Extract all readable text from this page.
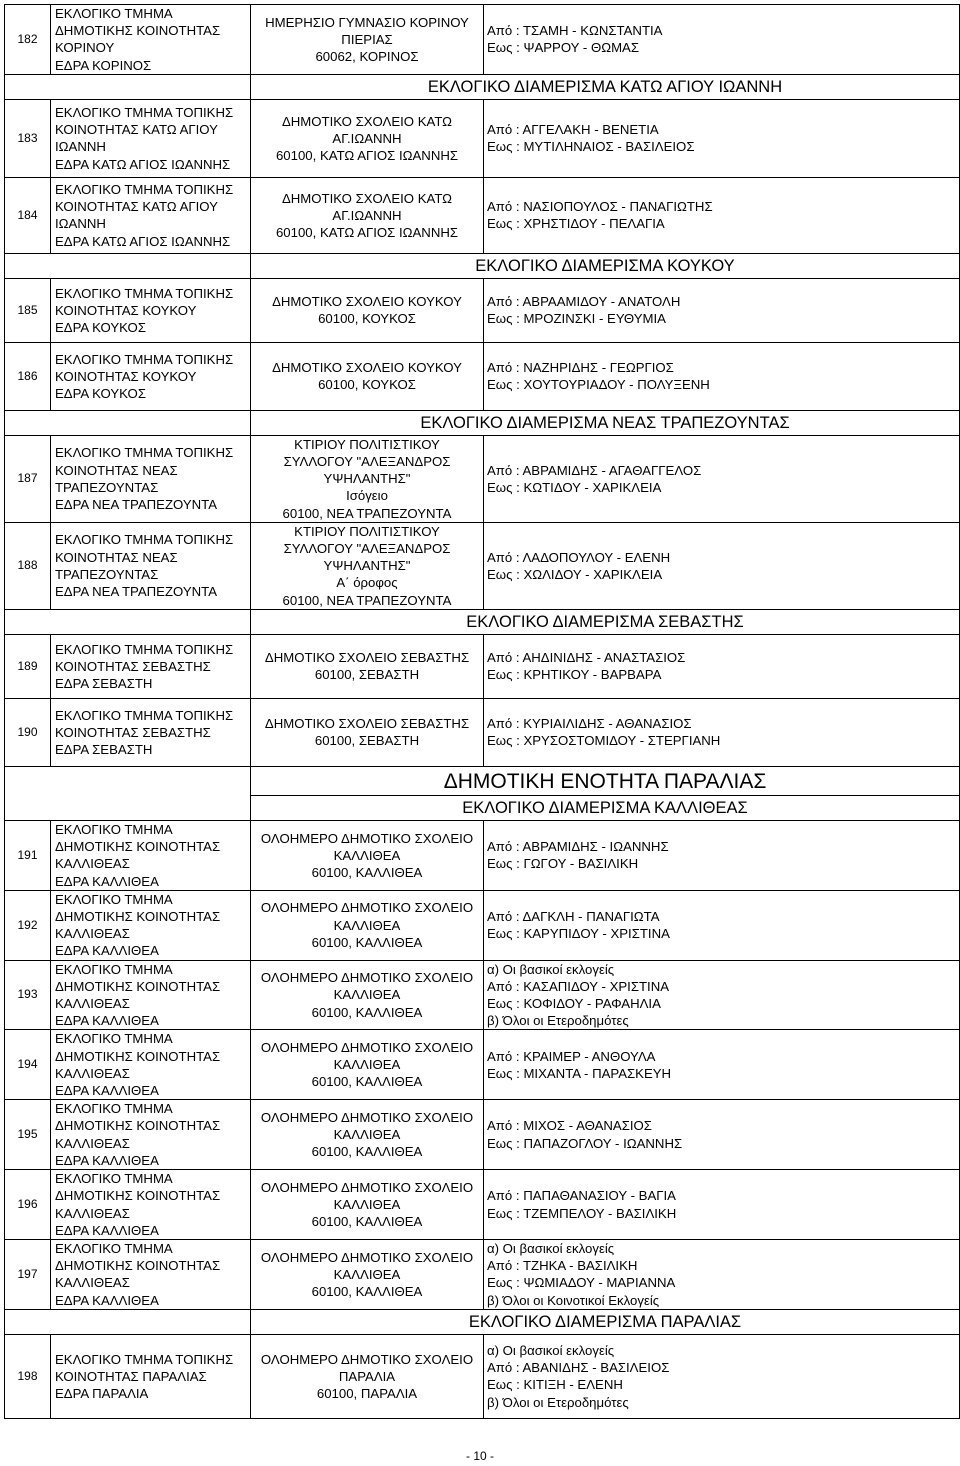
182	ΕΚΛΟΓΙΚΟ ΤΜΗΜΑ
ΔΗΜΟΤΙΚΗΣ ΚΟΙΝΟΤΗΤΑΣ
ΚΟΡΙΝΟΥ
ΕΔΡΑ ΚΟΡΙΝΟΣ	ΗΜΕΡΗΣΙΟ ΓΥΜΝΑΣΙΟ ΚΟΡΙΝΟΥ
ΠΙΕΡΙΑΣ
60062, ΚΟΡΙΝΟΣ	Από : ΤΣΑΜΗ - ΚΩΝΣΤΑΝΤΙΑ
Εως : ΨΑΡΡΟΥ - ΘΩΜΑΣ

		ΕΚΛΟΓΙΚΟ ΔΙΑΜΕΡΙΣΜΑ ΚΑΤΩ ΑΓΙΟΥ ΙΩΑΝΝΗ	
183	ΕΚΛΟΓΙΚΟ ΤΜΗΜΑ ΤΟΠΙΚΗΣ
ΚΟΙΝΟΤΗΤΑΣ ΚΑΤΩ ΑΓΙΟΥ
ΙΩΑΝΝΗ
ΕΔΡΑ ΚΑΤΩ ΑΓΙΟΣ ΙΩΑΝΝΗΣ	ΔΗΜΟΤΙΚΟ ΣΧΟΛΕΙΟ ΚΑΤΩ
ΑΓ.ΙΩΑΝΝΗ
60100, ΚΑΤΩ ΑΓΙΟΣ ΙΩΑΝΝΗΣ	Από : ΑΓΓΕΛΑΚΗ - ΒΕΝΕΤΙΑ
Εως : ΜΥΤΙΛΗΝΑΙΟΣ - ΒΑΣΙΛΕΙΟΣ

184	ΕΚΛΟΓΙΚΟ ΤΜΗΜΑ ΤΟΠΙΚΗΣ
ΚΟΙΝΟΤΗΤΑΣ ΚΑΤΩ ΑΓΙΟΥ
ΙΩΑΝΝΗ
ΕΔΡΑ ΚΑΤΩ ΑΓΙΟΣ ΙΩΑΝΝΗΣ	ΔΗΜΟΤΙΚΟ ΣΧΟΛΕΙΟ ΚΑΤΩ
ΑΓ.ΙΩΑΝΝΗ
60100, ΚΑΤΩ ΑΓΙΟΣ ΙΩΑΝΝΗΣ	Από : ΝΑΣΙΟΠΟΥΛΟΣ - ΠΑΝΑΓΙΩΤΗΣ
Εως : ΧΡΗΣΤΙΔΟΥ - ΠΕΛΑΓΙΑ

		ΕΚΛΟΓΙΚΟ ΔΙΑΜΕΡΙΣΜΑ ΚΟΥΚΟΥ	
185	ΕΚΛΟΓΙΚΟ ΤΜΗΜΑ ΤΟΠΙΚΗΣ
ΚΟΙΝΟΤΗΤΑΣ ΚΟΥΚΟΥ
ΕΔΡΑ ΚΟΥΚΟΣ	ΔΗΜΟΤΙΚΟ ΣΧΟΛΕΙΟ ΚΟΥΚΟΥ
60100, ΚΟΥΚΟΣ	Από : ΑΒΡΑΑΜΙΔΟΥ - ΑΝΑΤΟΛΗ
Εως : ΜΡΟΖΙΝΣΚΙ - ΕΥΘΥΜΙΑ

186	ΕΚΛΟΓΙΚΟ ΤΜΗΜΑ ΤΟΠΙΚΗΣ
ΚΟΙΝΟΤΗΤΑΣ ΚΟΥΚΟΥ
ΕΔΡΑ ΚΟΥΚΟΣ	ΔΗΜΟΤΙΚΟ ΣΧΟΛΕΙΟ ΚΟΥΚΟΥ
60100, ΚΟΥΚΟΣ	Από : ΝΑΖΗΡΙΔΗΣ - ΓΕΩΡΓΙΟΣ
Εως : ΧΟΥΤΟΥΡΙΑΔΟΥ - ΠΟΛΥΞΕΝΗ

		ΕΚΛΟΓΙΚΟ ΔΙΑΜΕΡΙΣΜΑ ΝΕΑΣ ΤΡΑΠΕΖΟΥΝΤΑΣ	
187	ΕΚΛΟΓΙΚΟ ΤΜΗΜΑ ΤΟΠΙΚΗΣ
ΚΟΙΝΟΤΗΤΑΣ ΝΕΑΣ
ΤΡΑΠΕΖΟΥΝΤΑΣ
ΕΔΡΑ ΝΕΑ ΤΡΑΠΕΖΟΥΝΤΑ	ΚΤΙΡΙΟΥ ΠΟΛΙΤΙΣΤΙΚΟΥ
ΣΥΛΛΟΓΟΥ "ΑΛΕΞΑΝΔΡΟΣ
ΥΨΗΛΑΝΤΗΣ"
Ισόγειο
60100, ΝΕΑ ΤΡΑΠΕΖΟΥΝΤΑ	Από : ΑΒΡΑΜΙΔΗΣ - ΑΓΑΘΑΓΓΕΛΟΣ
Εως : ΚΩΤΙΔΟΥ - ΧΑΡΙΚΛΕΙΑ

188	ΕΚΛΟΓΙΚΟ ΤΜΗΜΑ ΤΟΠΙΚΗΣ
ΚΟΙΝΟΤΗΤΑΣ ΝΕΑΣ
ΤΡΑΠΕΖΟΥΝΤΑΣ
ΕΔΡΑ ΝΕΑ ΤΡΑΠΕΖΟΥΝΤΑ	ΚΤΙΡΙΟΥ ΠΟΛΙΤΙΣΤΙΚΟΥ
ΣΥΛΛΟΓΟΥ "ΑΛΕΞΑΝΔΡΟΣ
ΥΨΗΛΑΝΤΗΣ"
Α΄ όροφος
60100, ΝΕΑ ΤΡΑΠΕΖΟΥΝΤΑ	Από : ΛΑΔΟΠΟΥΛΟΥ - ΕΛΕΝΗ
Εως : ΧΩΛΙΔΟΥ - ΧΑΡΙΚΛΕΙΑ

		ΕΚΛΟΓΙΚΟ ΔΙΑΜΕΡΙΣΜΑ ΣΕΒΑΣΤΗΣ	
189	ΕΚΛΟΓΙΚΟ ΤΜΗΜΑ ΤΟΠΙΚΗΣ
ΚΟΙΝΟΤΗΤΑΣ ΣΕΒΑΣΤΗΣ
ΕΔΡΑ ΣΕΒΑΣΤΗ	ΔΗΜΟΤΙΚΟ ΣΧΟΛΕΙΟ ΣΕΒΑΣΤΗΣ
60100, ΣΕΒΑΣΤΗ	Από : ΑΗΔΙΝΙΔΗΣ - ΑΝΑΣΤΑΣΙΟΣ
Εως : ΚΡΗΤΙΚΟΥ - ΒΑΡΒΑΡΑ

190	ΕΚΛΟΓΙΚΟ ΤΜΗΜΑ ΤΟΠΙΚΗΣ
ΚΟΙΝΟΤΗΤΑΣ ΣΕΒΑΣΤΗΣ
ΕΔΡΑ ΣΕΒΑΣΤΗ	ΔΗΜΟΤΙΚΟ ΣΧΟΛΕΙΟ ΣΕΒΑΣΤΗΣ
60100, ΣΕΒΑΣΤΗ	Από : ΚΥΡΙΑΙΛΙΔΗΣ - ΑΘΑΝΑΣΙΟΣ
Εως : ΧΡΥΣΟΣΤΟΜΙΔΟΥ - ΣΤΕΡΓΙΑΝΗ

		ΔΗΜΟΤΙΚΗ ΕΝΟΤΗΤΑ ΠΑΡΑΛΙΑΣ	
		ΕΚΛΟΓΙΚΟ ΔΙΑΜΕΡΙΣΜΑ ΚΑΛΛΙΘΕΑΣ	
191	ΕΚΛΟΓΙΚΟ ΤΜΗΜΑ
ΔΗΜΟΤΙΚΗΣ ΚΟΙΝΟΤΗΤΑΣ
ΚΑΛΛΙΘΕΑΣ
ΕΔΡΑ ΚΑΛΛΙΘΕΑ	ΟΛΟΗΜΕΡΟ ΔΗΜΟΤΙΚΟ ΣΧΟΛΕΙΟ
ΚΑΛΛΙΘΕΑ
60100, ΚΑΛΛΙΘΕΑ	Από : ΑΒΡΑΜΙΔΗΣ - ΙΩΑΝΝΗΣ
Εως : ΓΩΓΟΥ - ΒΑΣΙΛΙΚΗ

192	ΕΚΛΟΓΙΚΟ ΤΜΗΜΑ
ΔΗΜΟΤΙΚΗΣ ΚΟΙΝΟΤΗΤΑΣ
ΚΑΛΛΙΘΕΑΣ
ΕΔΡΑ ΚΑΛΛΙΘΕΑ	ΟΛΟΗΜΕΡΟ ΔΗΜΟΤΙΚΟ ΣΧΟΛΕΙΟ
ΚΑΛΛΙΘΕΑ
60100, ΚΑΛΛΙΘΕΑ	Από : ΔΑΓΚΛΗ - ΠΑΝΑΓΙΩΤΑ
Εως : ΚΑΡΥΠΙΔΟΥ - ΧΡΙΣΤΙΝΑ

193	ΕΚΛΟΓΙΚΟ ΤΜΗΜΑ
ΔΗΜΟΤΙΚΗΣ ΚΟΙΝΟΤΗΤΑΣ
ΚΑΛΛΙΘΕΑΣ
ΕΔΡΑ ΚΑΛΛΙΘΕΑ	ΟΛΟΗΜΕΡΟ ΔΗΜΟΤΙΚΟ ΣΧΟΛΕΙΟ
ΚΑΛΛΙΘΕΑ
60100, ΚΑΛΛΙΘΕΑ	α) Οι βασικοί εκλογείς
Από : ΚΑΣΑΠΙΔΟΥ - ΧΡΙΣΤΙΝΑ
Εως : ΚΟΦΙΔΟΥ - ΡΑΦΑΗΛΙΑ
β) Όλοι οι Ετεροδημότες

194	ΕΚΛΟΓΙΚΟ ΤΜΗΜΑ
ΔΗΜΟΤΙΚΗΣ ΚΟΙΝΟΤΗΤΑΣ
ΚΑΛΛΙΘΕΑΣ
ΕΔΡΑ ΚΑΛΛΙΘΕΑ	ΟΛΟΗΜΕΡΟ ΔΗΜΟΤΙΚΟ ΣΧΟΛΕΙΟ
ΚΑΛΛΙΘΕΑ
60100, ΚΑΛΛΙΘΕΑ	Από : ΚΡΑΙΜΕΡ - ΑΝΘΟΥΛΑ
Εως : ΜΙΧΑΝΤΑ - ΠΑΡΑΣΚΕΥΗ

195	ΕΚΛΟΓΙΚΟ ΤΜΗΜΑ
ΔΗΜΟΤΙΚΗΣ ΚΟΙΝΟΤΗΤΑΣ
ΚΑΛΛΙΘΕΑΣ
ΕΔΡΑ ΚΑΛΛΙΘΕΑ	ΟΛΟΗΜΕΡΟ ΔΗΜΟΤΙΚΟ ΣΧΟΛΕΙΟ
ΚΑΛΛΙΘΕΑ
60100, ΚΑΛΛΙΘΕΑ	Από : ΜΙΧΟΣ - ΑΘΑΝΑΣΙΟΣ
Εως : ΠΑΠΑΖΟΓΛΟΥ - ΙΩΑΝΝΗΣ

196	ΕΚΛΟΓΙΚΟ ΤΜΗΜΑ
ΔΗΜΟΤΙΚΗΣ ΚΟΙΝΟΤΗΤΑΣ
ΚΑΛΛΙΘΕΑΣ
ΕΔΡΑ ΚΑΛΛΙΘΕΑ	ΟΛΟΗΜΕΡΟ ΔΗΜΟΤΙΚΟ ΣΧΟΛΕΙΟ
ΚΑΛΛΙΘΕΑ
60100, ΚΑΛΛΙΘΕΑ	Από : ΠΑΠΑΘΑΝΑΣΙΟΥ - ΒΑΓΙΑ
Εως : ΤΖΕΜΠΕΛΟΥ - ΒΑΣΙΛΙΚΗ

197	ΕΚΛΟΓΙΚΟ ΤΜΗΜΑ
ΔΗΜΟΤΙΚΗΣ ΚΟΙΝΟΤΗΤΑΣ
ΚΑΛΛΙΘΕΑΣ
ΕΔΡΑ ΚΑΛΛΙΘΕΑ	ΟΛΟΗΜΕΡΟ ΔΗΜΟΤΙΚΟ ΣΧΟΛΕΙΟ
ΚΑΛΛΙΘΕΑ
60100, ΚΑΛΛΙΘΕΑ	α) Οι βασικοί εκλογείς
Από : ΤΖΗΚΑ - ΒΑΣΙΛΙΚΗ
Εως : ΨΩΜΙΑΔΟΥ - ΜΑΡΙΑΝΝΑ
β) Όλοι οι Κοινοτικοί Εκλογείς

		ΕΚΛΟΓΙΚΟ ΔΙΑΜΕΡΙΣΜΑ ΠΑΡΑΛΙΑΣ	
198	ΕΚΛΟΓΙΚΟ ΤΜΗΜΑ ΤΟΠΙΚΗΣ
ΚΟΙΝΟΤΗΤΑΣ ΠΑΡΑΛΙΑΣ
ΕΔΡΑ ΠΑΡΑΛΙΑ	ΟΛΟΗΜΕΡΟ ΔΗΜΟΤΙΚΟ ΣΧΟΛΕΙΟ
ΠΑΡΑΛΙΑ
60100, ΠΑΡΑΛΙΑ	α) Οι βασικοί εκλογείς
Από : ΑΒΑΝΙΔΗΣ - ΒΑΣΙΛΕΙΟΣ
Εως : ΚΙΤΙΞΗ - ΕΛΕΝΗ
β) Όλοι οι Ετεροδημότες
- 10 -
